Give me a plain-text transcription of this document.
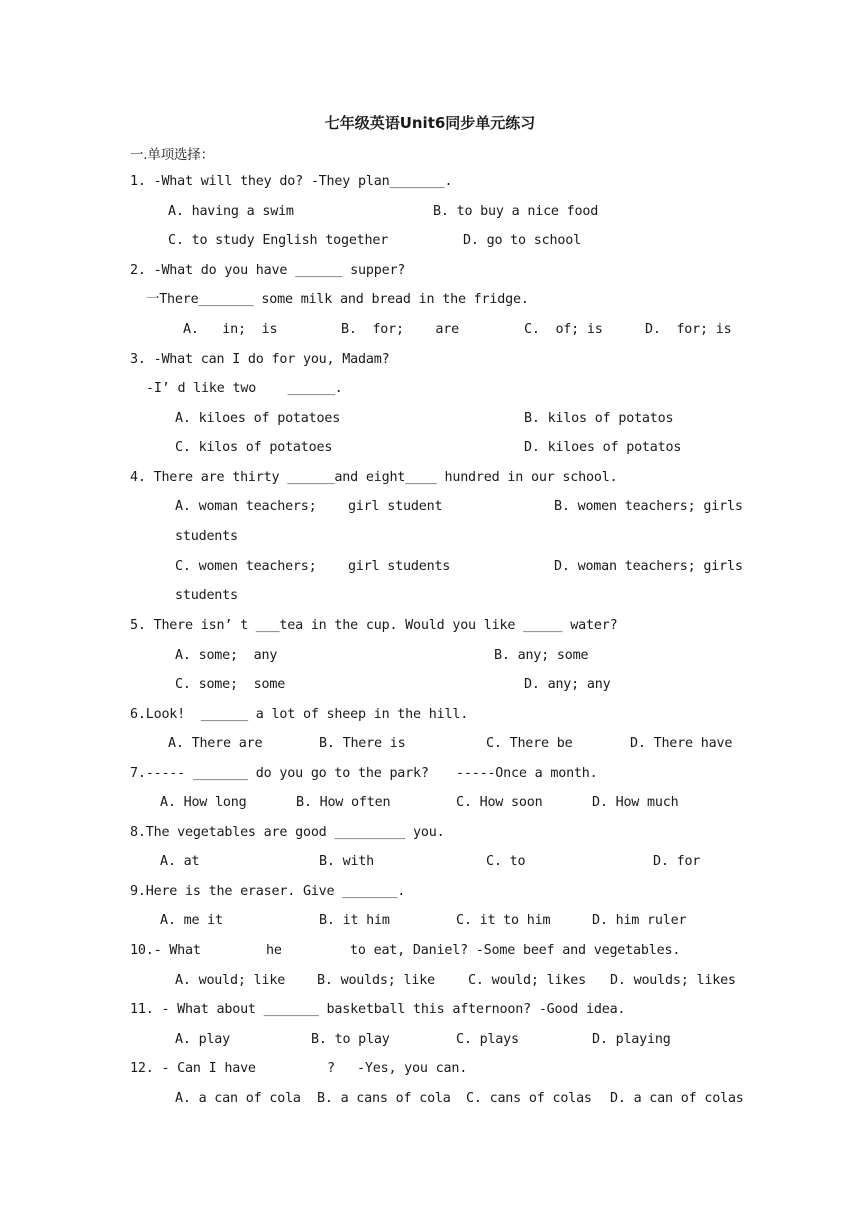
七年级英语Unit6同步单元练习
一.单项选择：
1. -What will they do? -They plan_______.
A. having a swim	B. to buy a nice food
C. to study English together	D. go to school
2. -What do you have ______ supper?
一There_______ some milk and bread in the fridge.
A.   in;  is	B.  for;    are	C.  of; is	D.  for; is
3. -What can I do for you, Madam?
-I’ d like two    ______.
A. kiloes of potatoes	B. kilos of potatos
C. kilos of potatoes	D. kiloes of potatos
4. There are thirty ______and eight____ hundred in our school.
A. woman teachers;    girl student	B. women teachers; girls
students
C. women teachers;    girl students	D. woman teachers; girls
students
5. There isn’ t ___tea in the cup. Would you like _____ water?
A. some;  any	B. any; some
C. some;  some	D. any; any
6.Look!  ______ a lot of sheep in the hill.
A. There are	B. There is	C. There be	D. There have
7.----- _______ do you go to the park? -----Once a month.
A. How long	B. How often	C. How soon	D. How much
8.The vegetables are good _________ you.
A. at	B. with	C. to	D. for
9.Here is the eraser. Give _______.
A. me it	B. it him	C. it to him	D. him ruler
10.- What	he	to eat, Daniel? -Some beef and vegetables.
A. would; like B. woulds; like C. would; likes D. woulds; likes
11. - What about _______ basketball this afternoon? -Good idea.
A. play	B. to play	C. plays	D. playing
12. - Can I have	? -Yes, you can.
A. a can of cola B. a cans of cola C. cans of colas D. a can of colas
